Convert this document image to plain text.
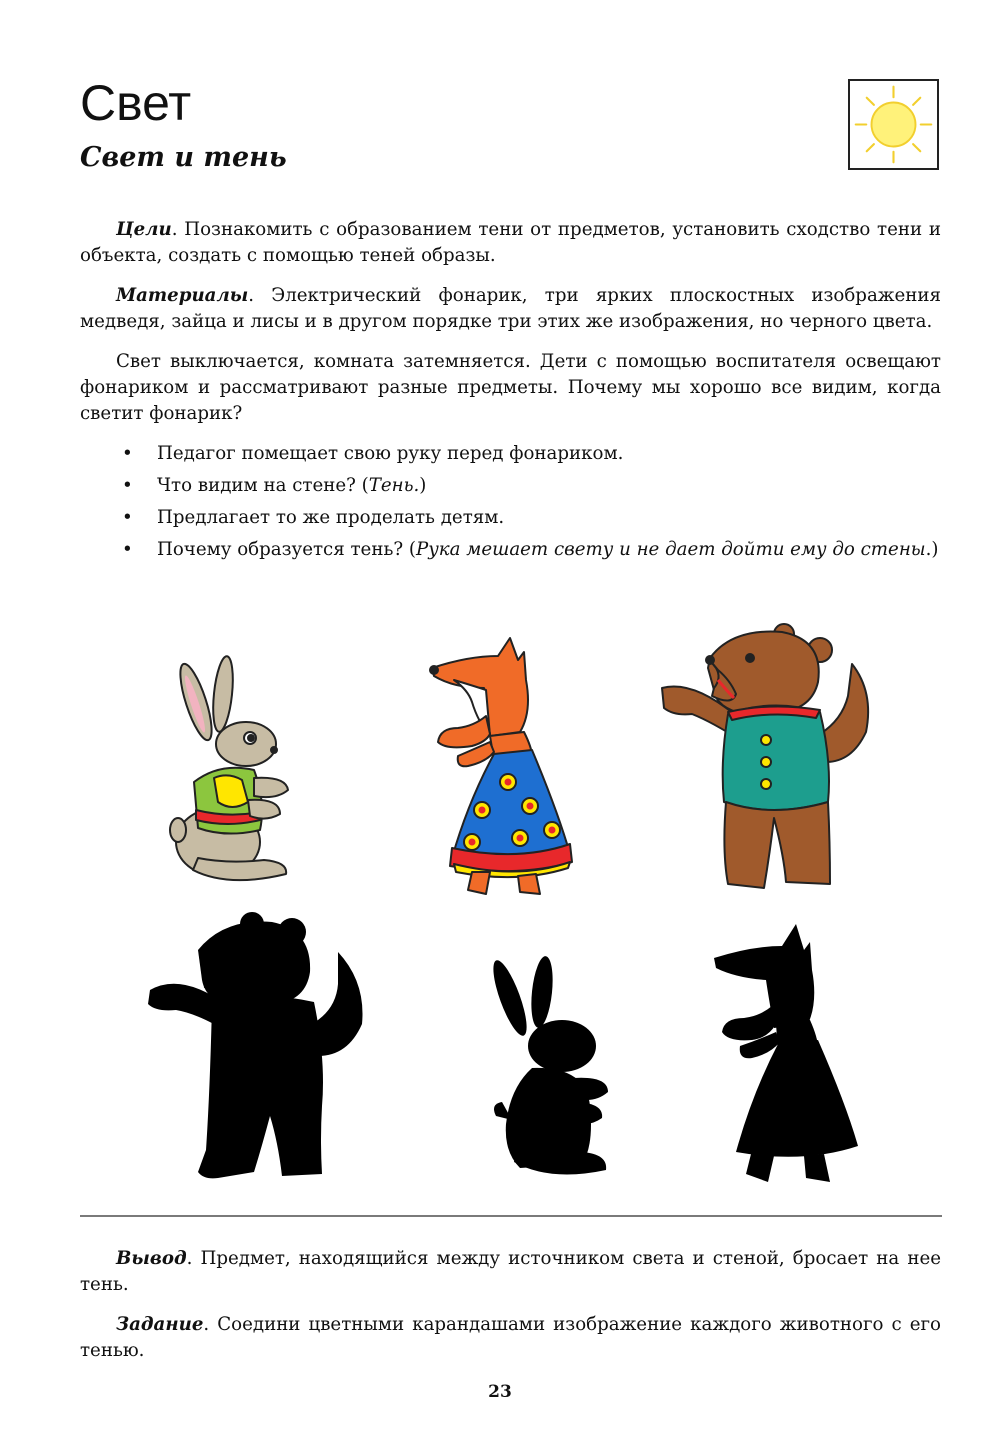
Свет
Свет и тень

Цели. Познакомить с образованием тени от предметов, установить сходство тени и объекта, создать с помощью теней образы.

Материалы. Электрический фонарик, три ярких плоскостных изображения медведя, зайца и лисы и в другом порядке три этих же изображения, но черного цвета.

Свет выключается, комната затемняется. Дети с помощью воспитателя освещают фонариком и рассматривают разные предметы. Почему мы хорошо все видим, когда светит фонарик?

• Педагог помещает свою руку перед фонариком.
• Что видим на стене? (Тень.)
• Предлагает то же проделать детям.
• Почему образуется тень? (Рука мешает свету и не дает дойти ему до стены.)

Вывод. Предмет, находящийся между источником света и стеной, бросает на нее тень.

Задание. Соедини цветными карандашами изображение каждого животного с его тенью.

23
